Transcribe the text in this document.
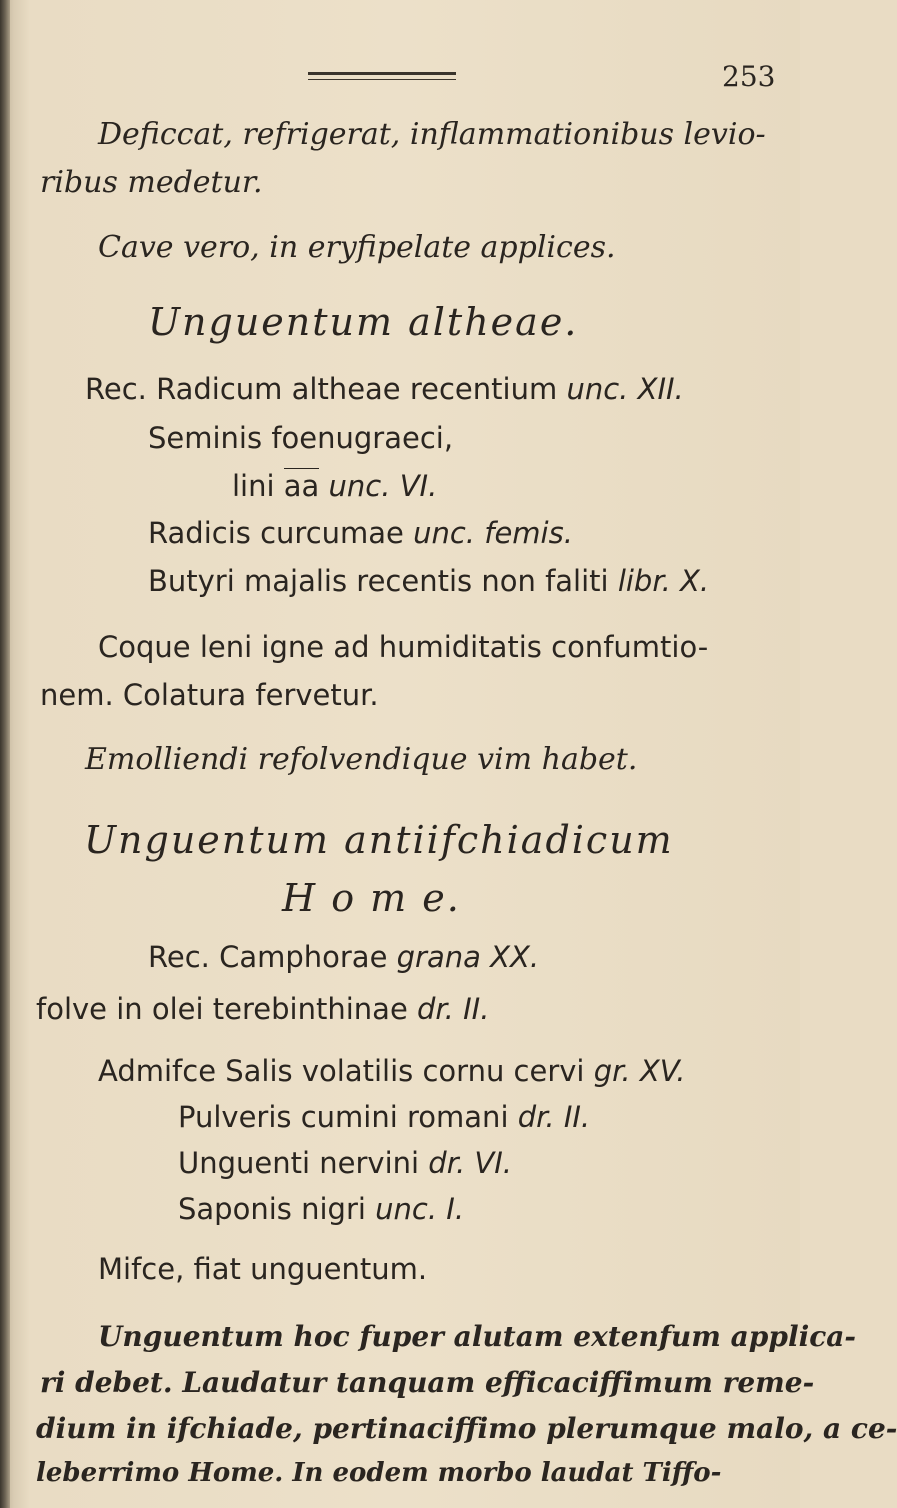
253
Deficcat, refrigerat, inflammationibus levio-
ribus medetur.
Cave vero, in eryfipelate applices.
Unguentum altheae.
Rec. Radicum altheae recentium unc. XII.
Seminis foenugraeci,
lini aa unc. VI.
Radicis curcumae unc. femis.
Butyri majalis recentis non faliti libr. X.
Coque leni igne ad humiditatis confumtio-
nem. Colatura fervetur.
Emolliendi refolvendique vim habet.
Unguentum antiifchiadicum
H o m e.
Rec. Camphorae grana XX.
folve in olei terebinthinae dr. II.
Admifce Salis volatilis cornu cervi gr. XV.
Pulveris cumini romani dr. II.
Unguenti nervini dr. VI.
Saponis nigri unc. I.
Mifce, fiat unguentum.
Unguentum hoc fuper alutam extenfum applica-
ri debet. Laudatur tanquam efficaciffimum reme-
dium in ifchiade, pertinaciffimo plerumque malo, a ce-
leberrimo Home. In eodem morbo laudat Tiffo-
